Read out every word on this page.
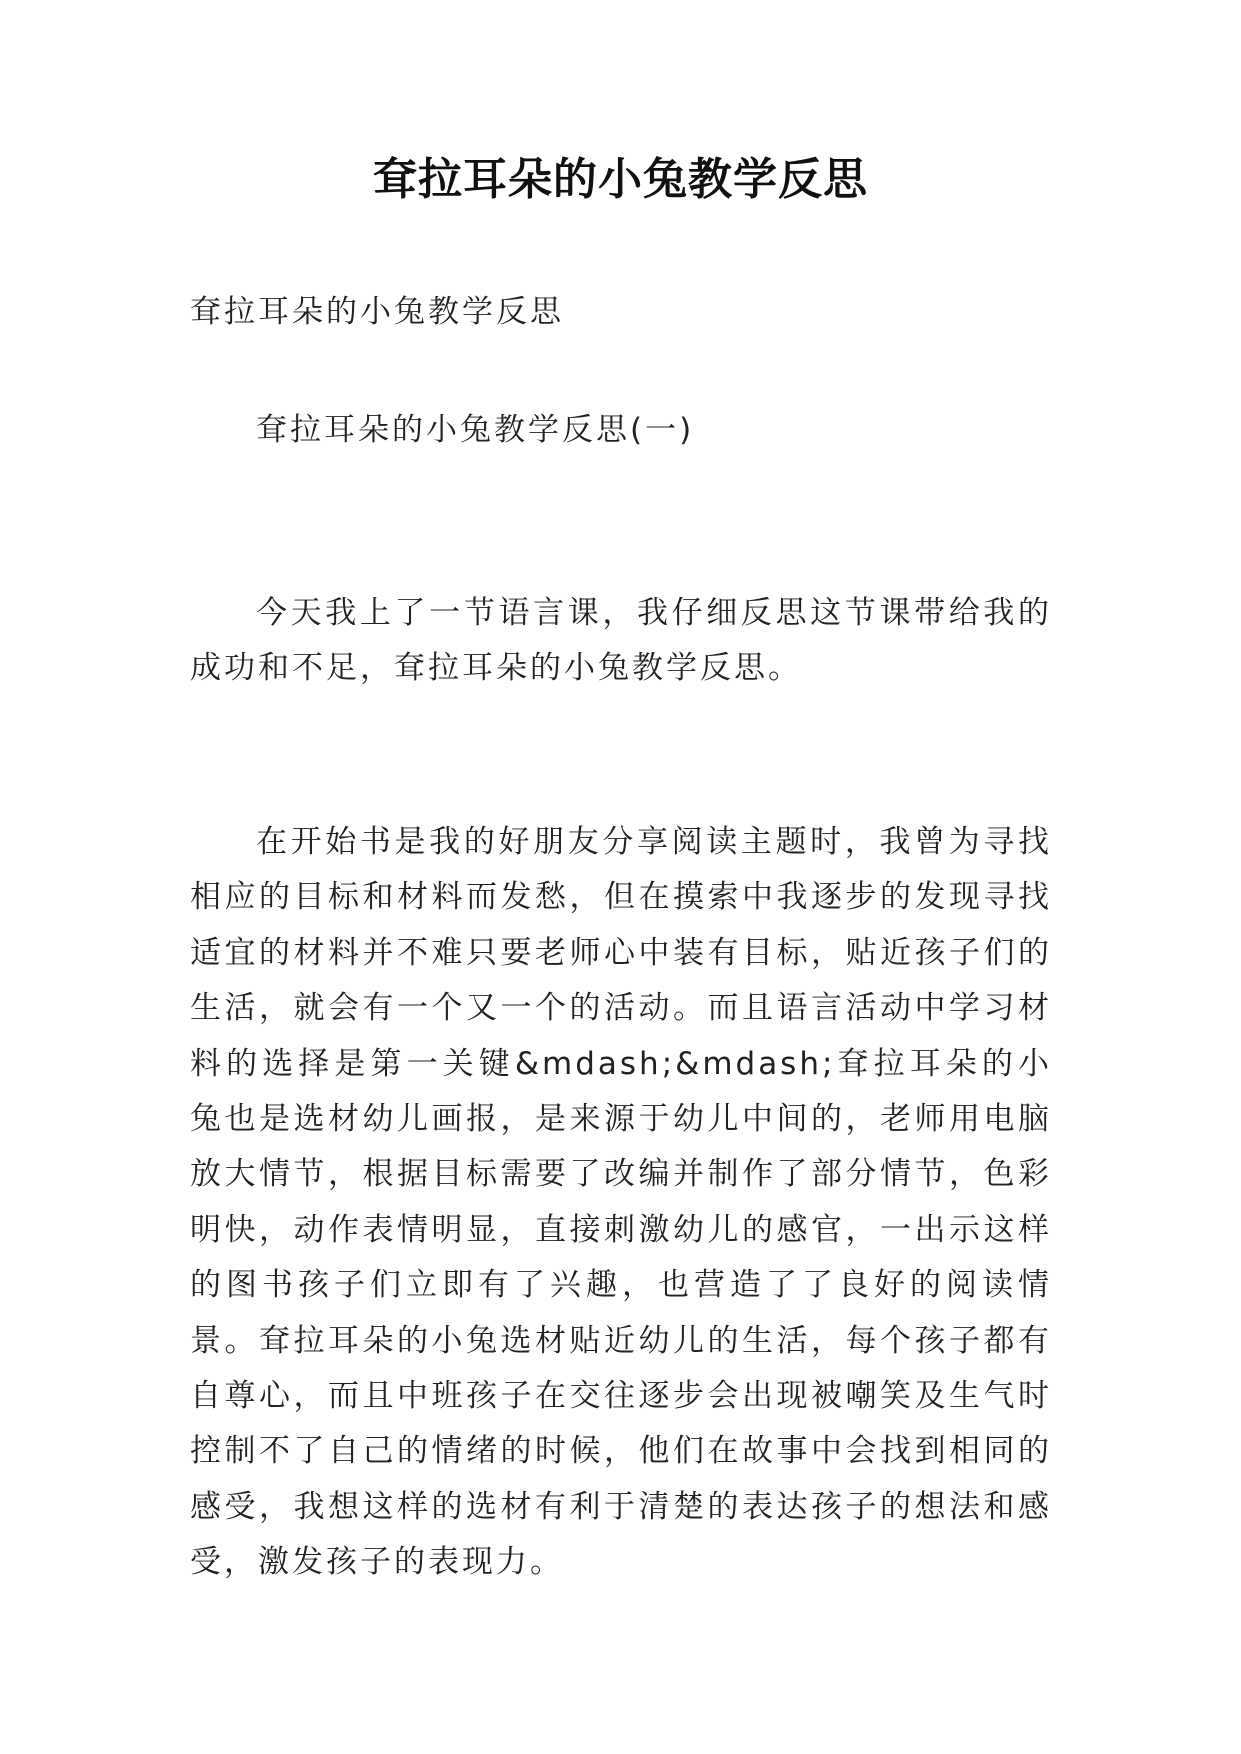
耷拉耳朵的小兔教学反思
耷拉耳朵的小兔教学反思
耷拉耳朵的小兔教学反思(一)

今天我上了一节语言课，我仔细反思这节课带给我的成功和不足，耷拉耳朵的小兔教学反思。

在开始书是我的好朋友分享阅读主题时，我曾为寻找相应的目标和材料而发愁，但在摸索中我逐步的发现寻找适宜的材料并不难只要老师心中装有目标，贴近孩子们的生活，就会有一个又一个的活动。而且语言活动中学习材料的选择是第一关键&mdash;&mdash;耷拉耳朵的小兔也是选材幼儿画报，是来源于幼儿中间的，老师用电脑放大情节，根据目标需要了改编并制作了部分情节，色彩明快，动作表情明显，直接刺激幼儿的感官，一出示这样的图书孩子们立即有了兴趣，也营造了了良好的阅读情景。耷拉耳朵的小兔选材贴近幼儿的生活，每个孩子都有自尊心，而且中班孩子在交往逐步会出现被嘲笑及生气时控制不了自己的情绪的时候，他们在故事中会找到相同的感受，我想这样的选材有利于清楚的表达孩子的想法和感受，激发孩子的表现力。
